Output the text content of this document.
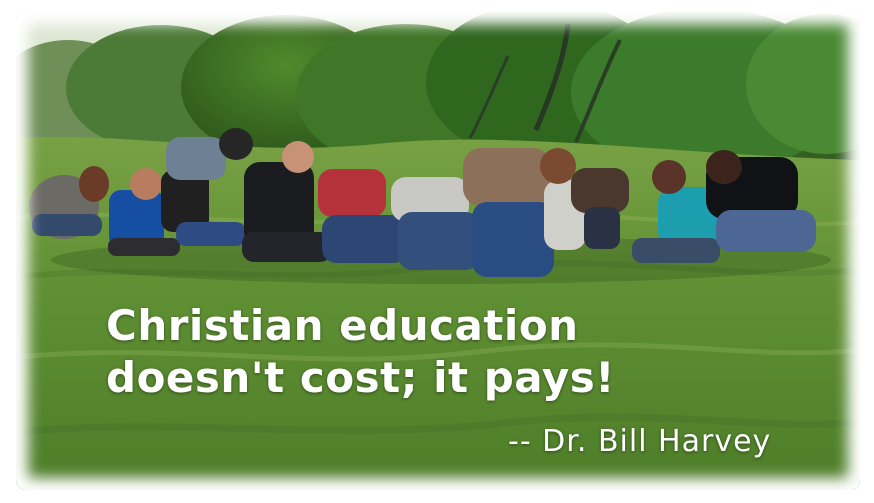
Christian education
doesn't cost; it pays!
-- Dr. Bill Harvey
